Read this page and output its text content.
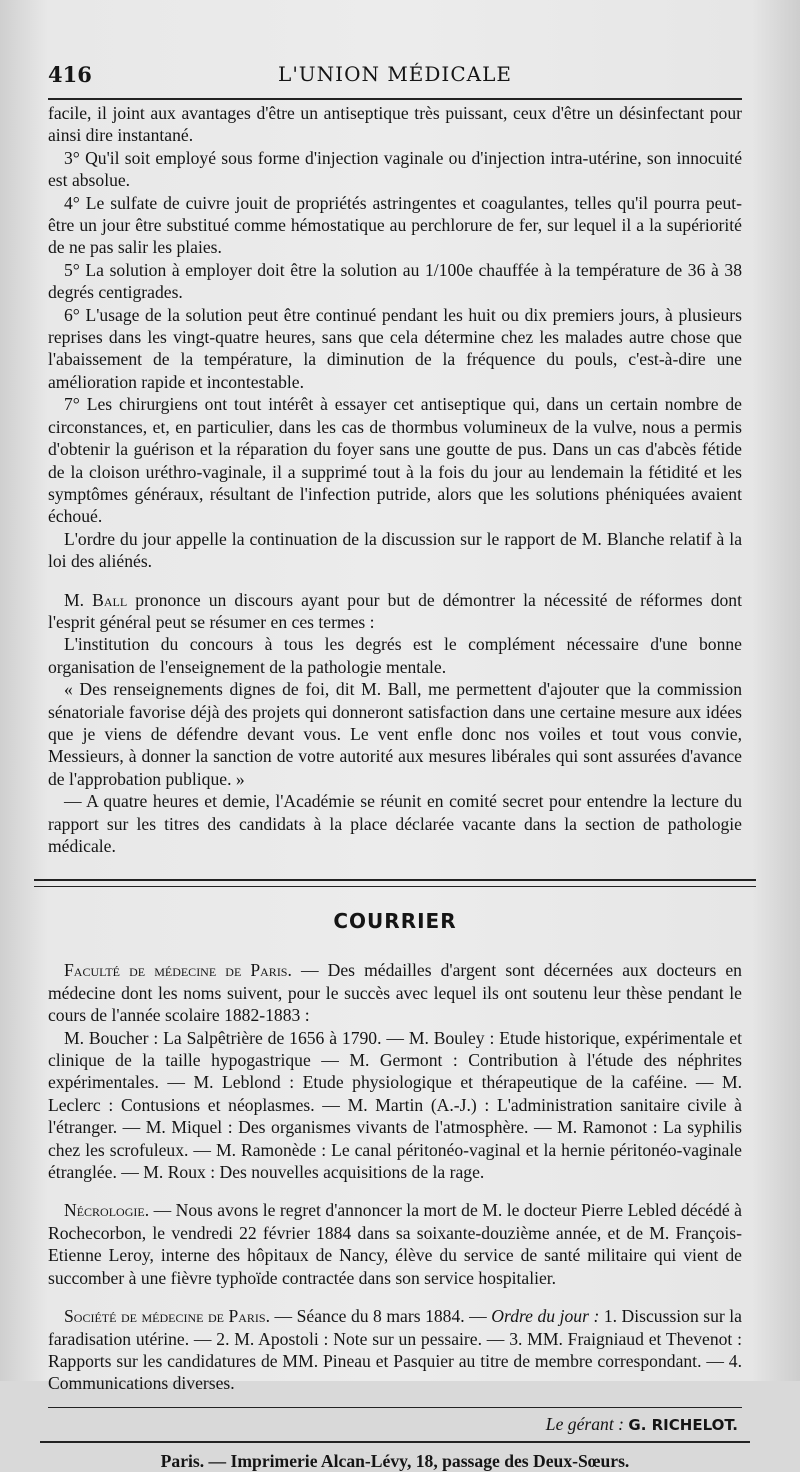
416	L'UNION MÉDICALE

facile, il joint aux avantages d'être un antiseptique très puissant, ceux d'être un désinfectant pour ainsi dire instantané.

3° Qu'il soit employé sous forme d'injection vaginale ou d'injection intra-utérine, son innocuité est absolue.

4° Le sulfate de cuivre jouit de propriétés astringentes et coagulantes, telles qu'il pourra peut-être un jour être substitué comme hémostatique au perchlorure de fer, sur lequel il a la supériorité de ne pas salir les plaies.

5° La solution à employer doit être la solution au 1/100e chauffée à la température de 36 à 38 degrés centigrades.

6° L'usage de la solution peut être continué pendant les huit ou dix premiers jours, à plusieurs reprises dans les vingt-quatre heures, sans que cela détermine chez les malades autre chose que l'abaissement de la température, la diminution de la fréquence du pouls, c'est-à-dire une amélioration rapide et incontestable.

7° Les chirurgiens ont tout intérêt à essayer cet antiseptique qui, dans un certain nombre de circonstances, et, en particulier, dans les cas de thormbus volumineux de la vulve, nous a permis d'obtenir la guérison et la réparation du foyer sans une goutte de pus. Dans un cas d'abcès fétide de la cloison uréthro-vaginale, il a supprimé tout à la fois du jour au lendemain la fétidité et les symptômes généraux, résultant de l'infection putride, alors que les solutions phéniquées avaient échoué.

L'ordre du jour appelle la continuation de la discussion sur le rapport de M. Blanche relatif à la loi des aliénés.

M. Ball prononce un discours ayant pour but de démontrer la nécessité de réformes dont l'esprit général peut se résumer en ces termes :

L'institution du concours à tous les degrés est le complément nécessaire d'une bonne organisation de l'enseignement de la pathologie mentale.

« Des renseignements dignes de foi, dit M. Ball, me permettent d'ajouter que la commission sénatoriale favorise déjà des projets qui donneront satisfaction dans une certaine mesure aux idées que je viens de défendre devant vous. Le vent enfle donc nos voiles et tout vous convie, Messieurs, à donner la sanction de votre autorité aux mesures libérales qui sont assurées d'avance de l'approbation publique. »

— A quatre heures et demie, l'Académie se réunit en comité secret pour entendre la lecture du rapport sur les titres des candidats à la place déclarée vacante dans la section de pathologie médicale.

COURRIER

Faculté de médecine de Paris. — Des médailles d'argent sont décernées aux docteurs en médecine dont les noms suivent, pour le succès avec lequel ils ont soutenu leur thèse pendant le cours de l'année scolaire 1882-1883 :

M. Boucher : La Salpêtrière de 1656 à 1790. — M. Bouley : Etude historique, expérimentale et clinique de la taille hypogastrique — M. Germont : Contribution à l'étude des néphrites expérimentales. — M. Leblond : Etude physiologique et thérapeutique de la caféine. — M. Leclerc : Contusions et néoplasmes. — M. Martin (A.-J.) : L'administration sanitaire civile à l'étranger. — M. Miquel : Des organismes vivants de l'atmosphère. — M. Ramonot : La syphilis chez les scrofuleux. — M. Ramonède : Le canal péritonéo-vaginal et la hernie péritonéo-vaginale étranglée. — M. Roux : Des nouvelles acquisitions de la rage.

Nécrologie. — Nous avons le regret d'annoncer la mort de M. le docteur Pierre Lebled décédé à Rochecorbon, le vendredi 22 février 1884 dans sa soixante-douzième année, et de M. François-Etienne Leroy, interne des hôpitaux de Nancy, élève du service de santé militaire qui vient de succomber à une fièvre typhoïde contractée dans son service hospitalier.

Société de médecine de Paris. — Séance du 8 mars 1884. — Ordre du jour : 1. Discussion sur la faradisation utérine. — 2. M. Apostoli : Note sur un pessaire. — 3. MM. Fraigniaud et Thevenot : Rapports sur les candidatures de MM. Pineau et Pasquier au titre de membre correspondant. — 4. Communications diverses.

Le gérant : G. RICHELOT.
Paris. — Imprimerie Alcan-Lévy, 18, passage des Deux-Sœurs.
